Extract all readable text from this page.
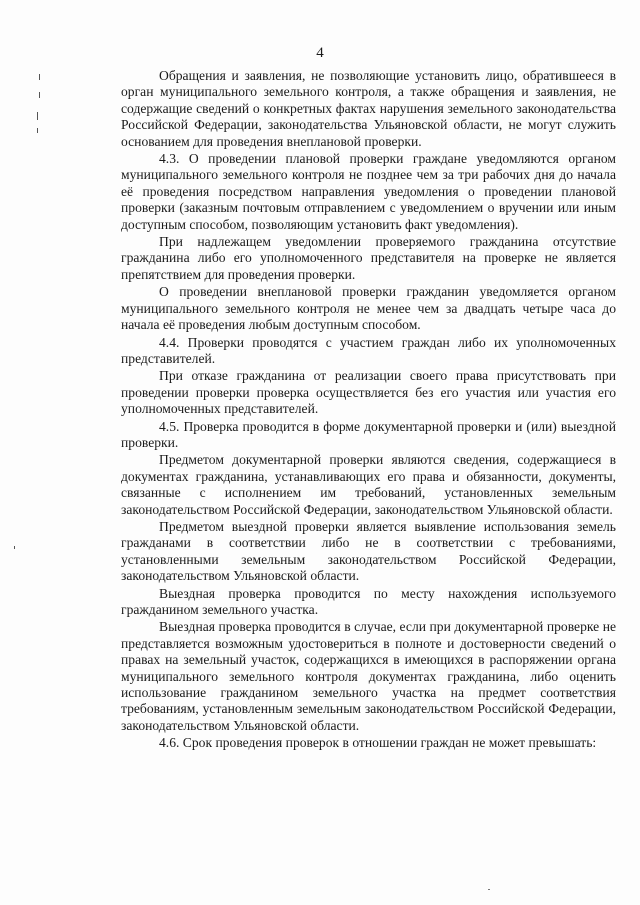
4

Обращения и заявления, не позволяющие установить лицо, обратившееся в орган муниципального земельного контроля, а также обращения и заявления, не содержащие сведений о конкретных фактах нарушения земельного законодательства Российской Федерации, законодательства Ульяновской области, не могут служить основанием для проведения внеплановой проверки.

4.3. О проведении плановой проверки граждане уведомляются органом муниципального земельного контроля не позднее чем за три рабочих дня до начала её проведения посредством направления уведомления о проведении плановой проверки (заказным почтовым отправлением с уведомлением о вручении или иным доступным способом, позволяющим установить факт уведомления).

При надлежащем уведомлении проверяемого гражданина отсутствие гражданина либо его уполномоченного представителя на проверке не является препятствием для проведения проверки.

О проведении внеплановой проверки гражданин уведомляется органом муниципального земельного контроля не менее чем за двадцать четыре часа до начала её проведения любым доступным способом.

4.4. Проверки проводятся с участием граждан либо их уполномоченных представителей.

При отказе гражданина от реализации своего права присутствовать при проведении проверки проверка осуществляется без его участия или участия его уполномоченных представителей.

4.5. Проверка проводится в форме документарной проверки и (или) выездной проверки.

Предметом документарной проверки являются сведения, содержащиеся в документах гражданина, устанавливающих его права и обязанности, документы, связанные с исполнением им требований, установленных земельным законодательством Российской Федерации, законодательством Ульяновской области.

Предметом выездной проверки является выявление использования земель гражданами в соответствии либо не в соответствии с требованиями, установленными земельным законодательством Российской Федерации, законодательством Ульяновской области.

Выездная проверка проводится по месту нахождения используемого гражданином земельного участка.

Выездная проверка проводится в случае, если при документарной проверке не представляется возможным удостовериться в полноте и достоверности сведений о правах на земельный участок, содержащихся в имеющихся в распоряжении органа муниципального земельного контроля документах гражданина, либо оценить использование гражданином земельного участка на предмет соответствия требованиям, установленным земельным законодательством Российской Федерации, законодательством Ульяновской области.

4.6. Срок проведения проверок в отношении граждан не может превышать:
